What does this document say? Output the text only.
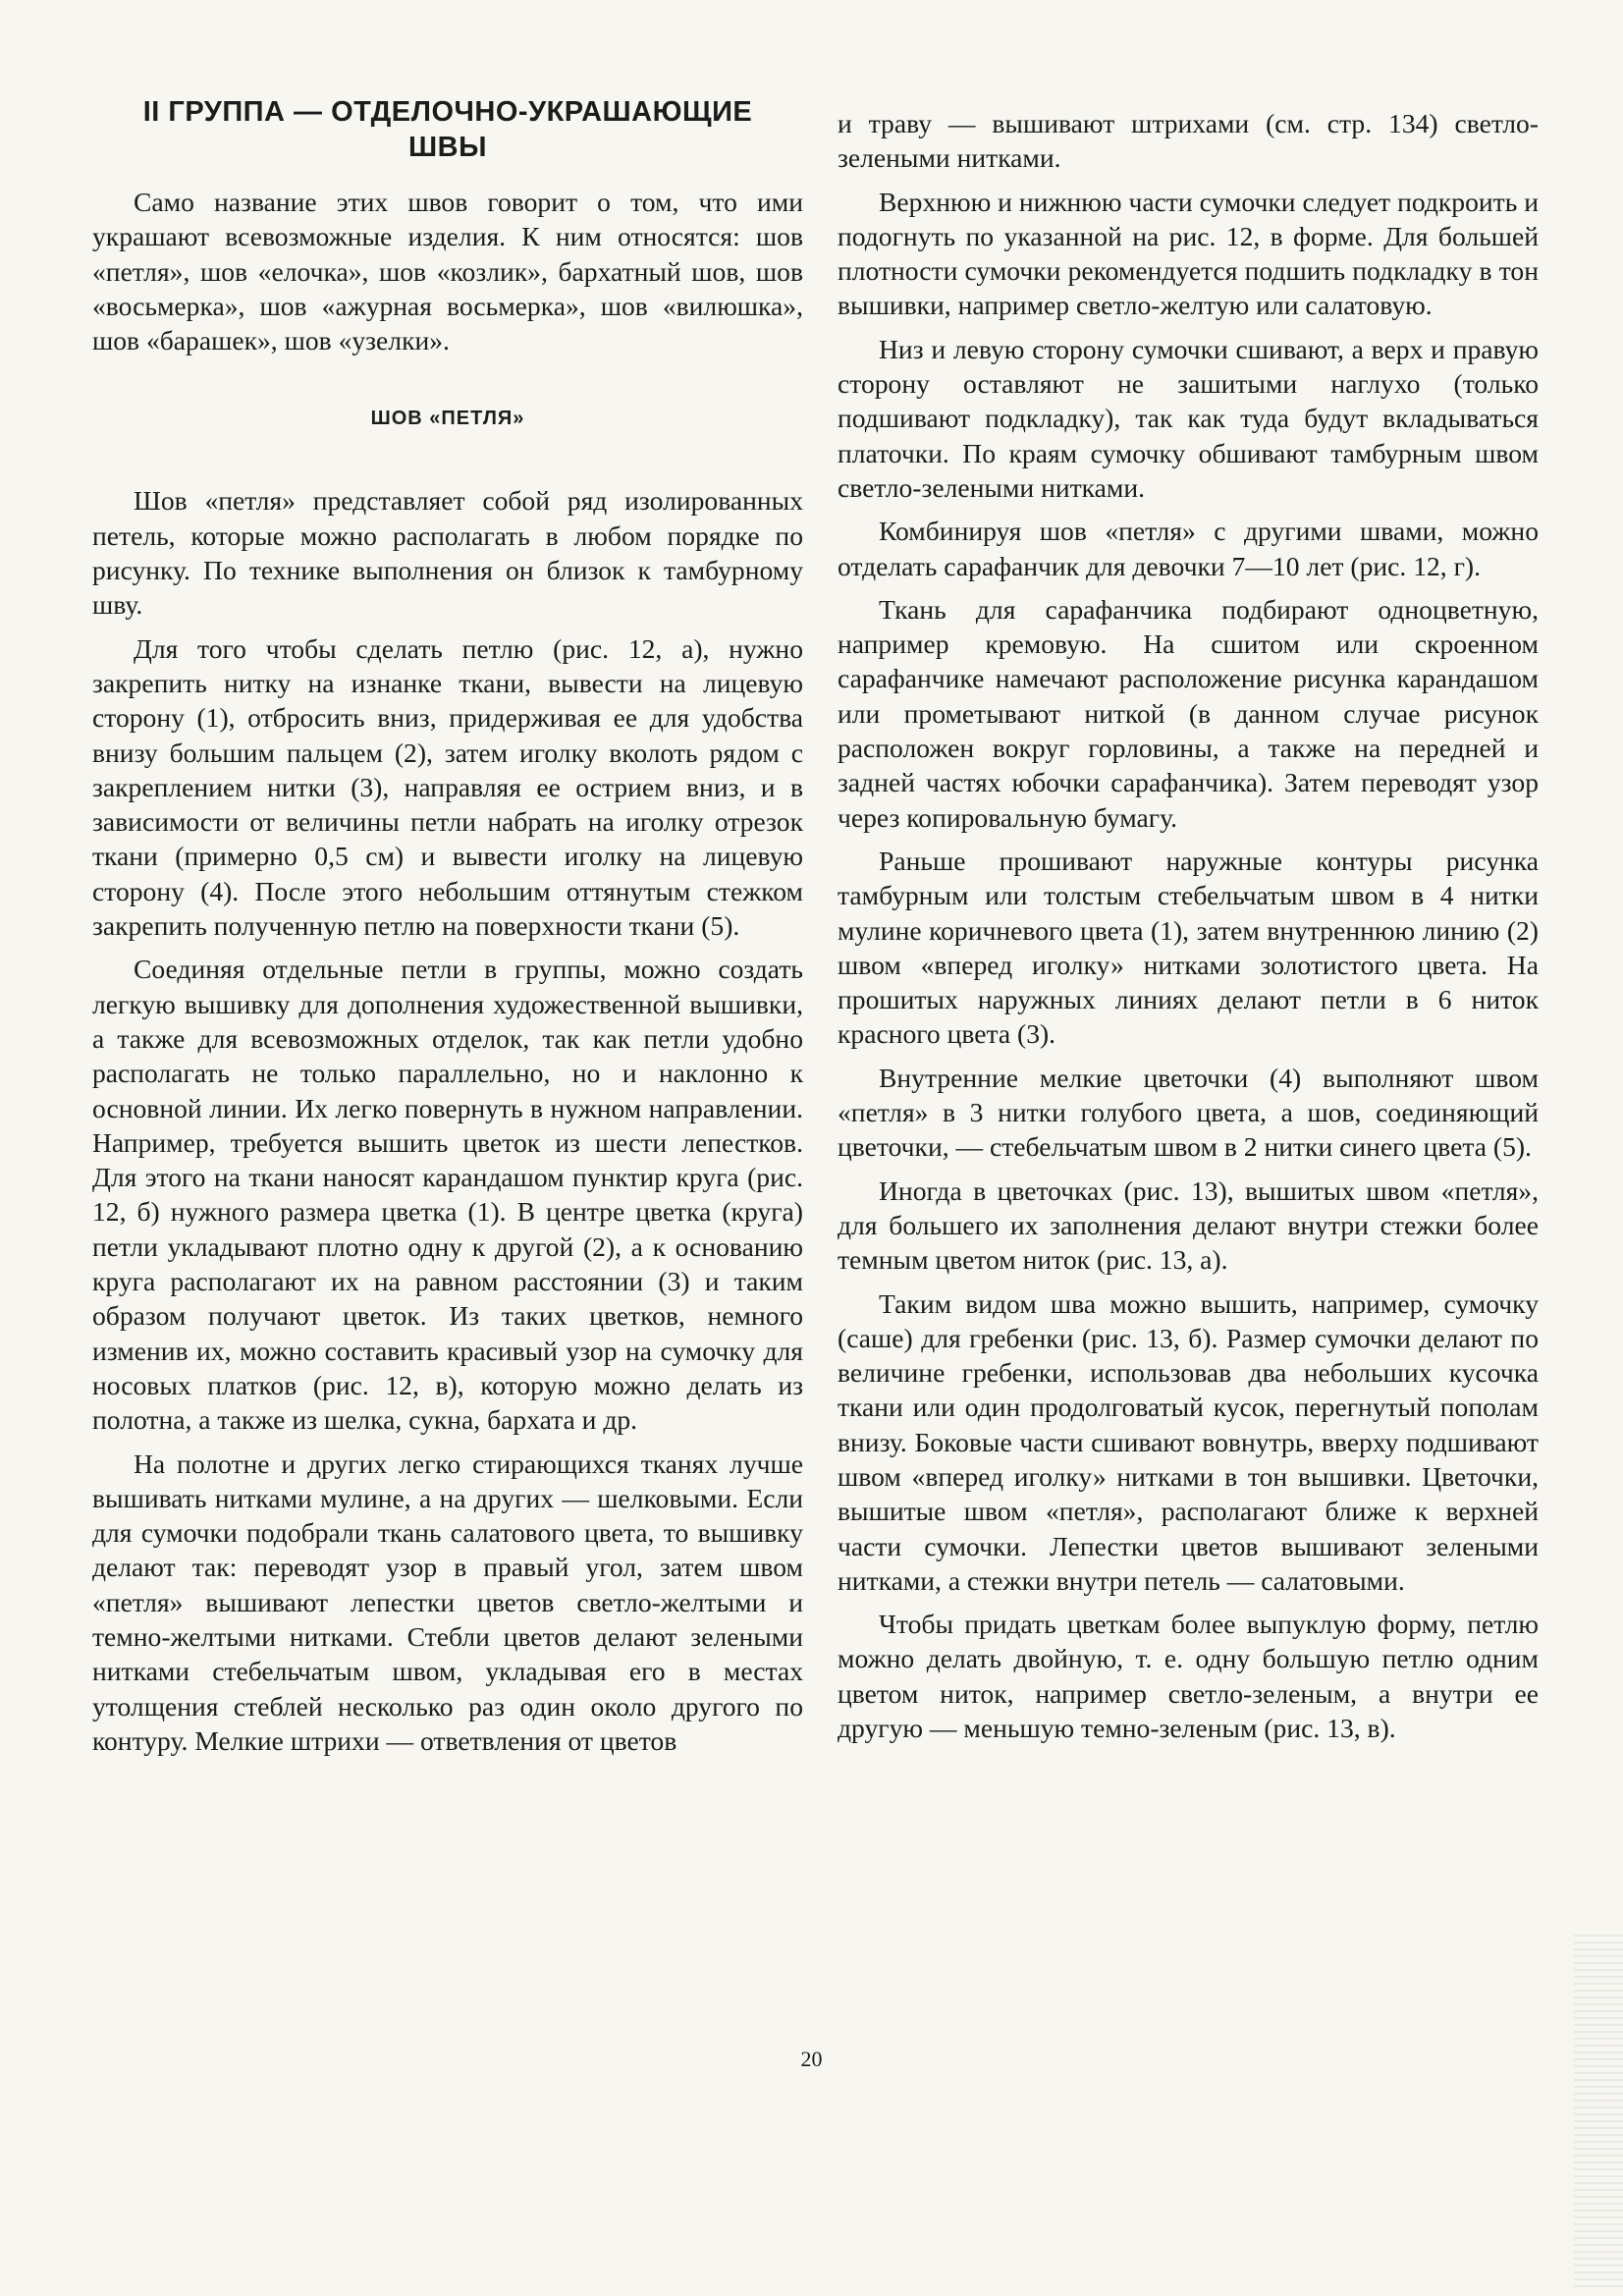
II ГРУППА — ОТДЕЛОЧНО-УКРАШАЮЩИЕ
ШВЫ

Само название этих швов говорит о том, что ими украшают всевозможные изделия. К ним относятся: шов «петля», шов «елочка», шов «козлик», бархатный шов, шов «восьмерка», шов «ажурная восьмерка», шов «вилюшка», шов «барашек», шов «узелки».

ШОВ «ПЕТЛЯ»

Шов «петля» представляет собой ряд изолированных петель, которые можно располагать в любом порядке по рисунку. По технике выполнения он близок к тамбурному шву.

Для того чтобы сделать петлю (рис. 12, а), нужно закрепить нитку на изнанке ткани, вывести на лицевую сторону (1), отбросить вниз, придерживая ее для удобства внизу большим пальцем (2), затем иголку вколоть рядом с закреплением нитки (3), направляя ее острием вниз, и в зависимости от величины петли набрать на иголку отрезок ткани (примерно 0,5 см) и вывести иголку на лицевую сторону (4). После этого небольшим оттянутым стежком закрепить полученную петлю на поверхности ткани (5).

Соединяя отдельные петли в группы, можно создать легкую вышивку для дополнения художественной вышивки, а также для всевозможных отделок, так как петли удобно располагать не только параллельно, но и наклонно к основной линии. Их легко повернуть в нужном направлении. Например, требуется вышить цветок из шести лепестков. Для этого на ткани наносят карандашом пунктир круга (рис. 12, б) нужного размера цветка (1). В центре цветка (круга) петли укладывают плотно одну к другой (2), а к основанию круга располагают их на равном расстоянии (3) и таким образом получают цветок. Из таких цветков, немного изменив их, можно составить красивый узор на сумочку для носовых платков (рис. 12, в), которую можно делать из полотна, а также из шелка, сукна, бархата и др.

На полотне и других легко стирающихся тканях лучше вышивать нитками мулине, а на других — шелковыми. Если для сумочки подобрали ткань салатового цвета, то вышивку делают так: переводят узор в правый угол, затем швом «петля» вышивают лепестки цветов светло-желтыми и темно-желтыми нитками. Стебли цветов делают зелеными нитками стебельчатым швом, укладывая его в местах утолщения стеблей несколько раз один около другого по контуру. Мелкие штрихи — ответвления от цветов

и траву — вышивают штрихами (см. стр. 134) светло-зелеными нитками.

Верхнюю и нижнюю части сумочки следует подкроить и подогнуть по указанной на рис. 12, в форме. Для большей плотности сумочки рекомендуется подшить подкладку в тон вышивки, например светло-желтую или салатовую.

Низ и левую сторону сумочки сшивают, а верх и правую сторону оставляют не зашитыми наглухо (только подшивают подкладку), так как туда будут вкладываться платочки. По краям сумочку обшивают тамбурным швом светло-зелеными нитками.

Комбинируя шов «петля» с другими швами, можно отделать сарафанчик для девочки 7—10 лет (рис. 12, г).

Ткань для сарафанчика подбирают одноцветную, например кремовую. На сшитом или скроенном сарафанчике намечают расположение рисунка карандашом или прометывают ниткой (в данном случае рисунок расположен вокруг горловины, а также на передней и задней частях юбочки сарафанчика). Затем переводят узор через копировальную бумагу.

Раньше прошивают наружные контуры рисунка тамбурным или толстым стебельчатым швом в 4 нитки мулине коричневого цвета (1), затем внутреннюю линию (2) швом «вперед иголку» нитками золотистого цвета. На прошитых наружных линиях делают петли в 6 ниток красного цвета (3).

Внутренние мелкие цветочки (4) выполняют швом «петля» в 3 нитки голубого цвета, а шов, соединяющий цветочки, — стебельчатым швом в 2 нитки синего цвета (5).

Иногда в цветочках (рис. 13), вышитых швом «петля», для большего их заполнения делают внутри стежки более темным цветом ниток (рис. 13, а).

Таким видом шва можно вышить, например, сумочку (саше) для гребенки (рис. 13, б). Размер сумочки делают по величине гребенки, использовав два небольших кусочка ткани или один продолговатый кусок, перегнутый пополам внизу. Боковые части сшивают вовнутрь, вверху подшивают швом «вперед иголку» нитками в тон вышивки. Цветочки, вышитые швом «петля», располагают ближе к верхней части сумочки. Лепестки цветов вышивают зелеными нитками, а стежки внутри петель — салатовыми.

Чтобы придать цветкам более выпуклую форму, петлю можно делать двойную, т. е. одну большую петлю одним цветом ниток, например светло-зеленым, а внутри ее другую — меньшую темно-зеленым (рис. 13, в).

20
